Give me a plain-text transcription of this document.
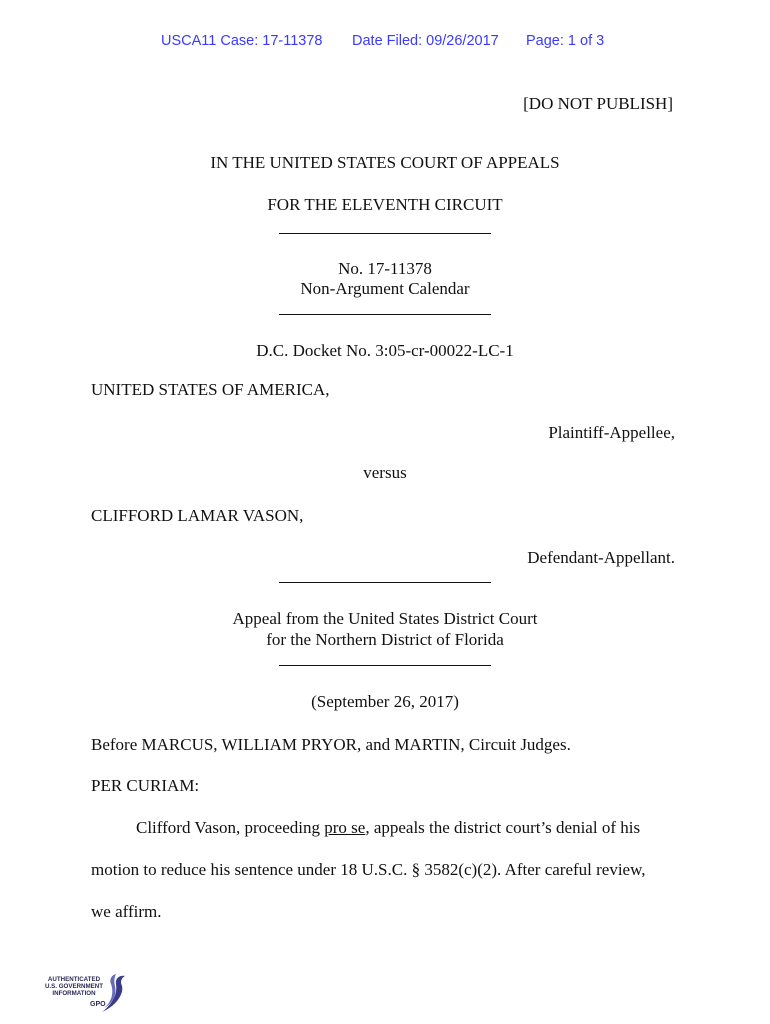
USCA11 Case: 17-11378 Date Filed: 09/26/2017 Page: 1 of 3
[DO NOT PUBLISH]
IN THE UNITED STATES COURT OF APPEALS
FOR THE ELEVENTH CIRCUIT
No. 17-11378
Non-Argument Calendar
D.C. Docket No. 3:05-cr-00022-LC-1
UNITED STATES OF AMERICA,
Plaintiff-Appellee,
versus
CLIFFORD LAMAR VASON,
Defendant-Appellant.
Appeal from the United States District Court
for the Northern District of Florida
(September 26, 2017)
Before MARCUS, WILLIAM PRYOR, and MARTIN, Circuit Judges.
PER CURIAM:
Clifford Vason, proceeding pro se, appeals the district court’s denial of his
motion to reduce his sentence under 18 U.S.C. § 3582(c)(2). After careful review,
we affirm.
AUTHENTICATED
U.S. GOVERNMENT
INFORMATION
GPO
